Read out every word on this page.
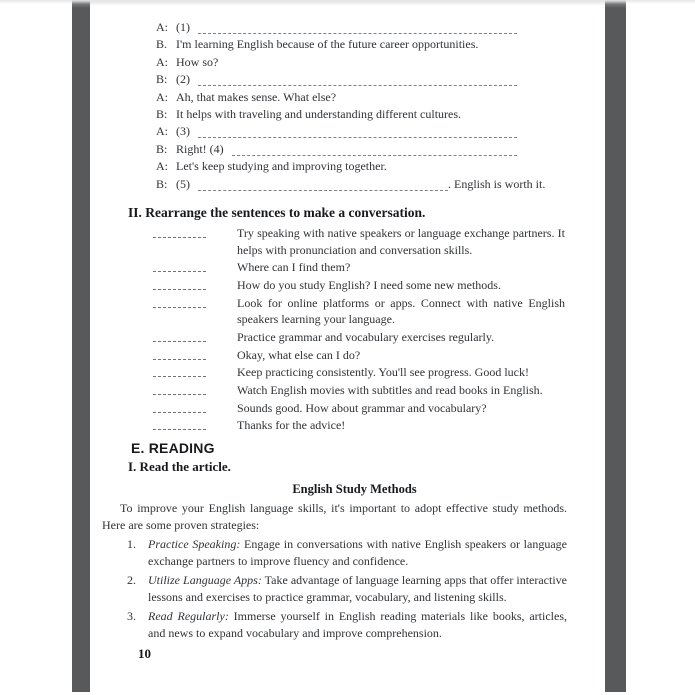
A: (1)
B. I'm learning English because of the future career opportunities.
A: How so?
B: (2)
A: Ah, that makes sense. What else?
B: It helps with traveling and understanding different cultures.
A: (3)
B: Right! (4)
A: Let's keep studying and improving together.
B: (5)	. English is worth it.
II. Rearrange the sentences to make a conversation.

Try speaking with native speakers or language exchange partners. It helps with pronunciation and conversation skills.

Where can I find them?

How do you study English? I need some new methods.

Look for online platforms or apps. Connect with native English speakers learning your language.

Practice grammar and vocabulary exercises regularly.

Okay, what else can I do?

Keep practicing consistently. You'll see progress. Good luck!

Watch English movies with subtitles and read books in English.

Sounds good. How about grammar and vocabulary?

Thanks for the advice!

E. READING
I. Read the article.
English Study Methods

To improve your English language skills, it's important to adopt effective study methods. Here are some proven strategies:

1.	Practice Speaking: Engage in conversations with native English speakers or language exchange partners to improve fluency and confidence.

2.	Utilize Language Apps: Take advantage of language learning apps that offer interactive lessons and exercises to practice grammar, vocabulary, and listening skills.

3.	Read Regularly: Immerse yourself in English reading materials like books, articles, and news to expand vocabulary and improve comprehension.

10
